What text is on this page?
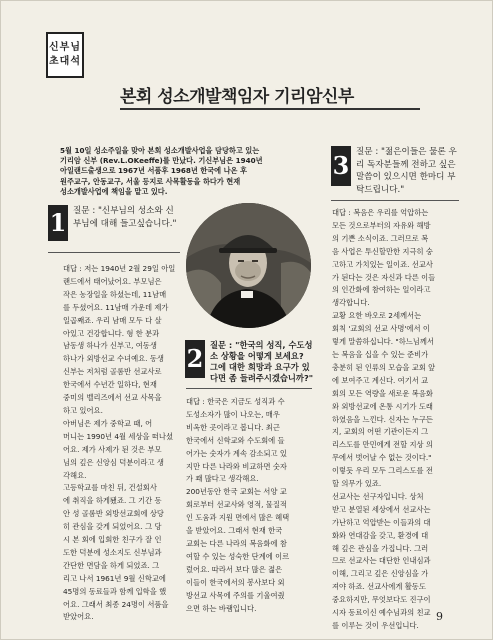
신부님
초대석
본회 성소개발책임자 기리암신부
5월 10일 성소주일을 맞아 본회 성소개발사업을 담당하고 있는
기리암 신부 (Rev.L.OKeeffe)를 만났다. 기신부님은 1940년
아일랜드출생으로 1967년 서품후 1968년 한국에 나온 후
원주교구, 안동교구, 서울 등지로 사목활동을 하다가 현재
성소개발사업에 책임을 맡고 있다.
1 질문 : "신부님의 성소와 신
부님에 대해 들고싶습니다."
3 질문 : "젊은이들은 물론 우
리 독자분들께 전하고 싶은
말씀이 있으시면 한마디 부
탁드립니다."
2 질문 : "한국의 성직, 수도성
소 상황을 어떻게 보세요?
그에 대한 희망과 요구가 있
다면 좀 들려주시겠습니까?"
대답 : 저는 1940년 2월 29일 아일
랜드에서 태어났어요. 부모님은
작은 농장일을 하셨는데, 11남매
를 두셨어요. 11남매 가운데 제가
일곱째죠. 우리 남매 모두 다 살
아있고 건강합니다. 형 한 분과
남동생 하나가 신부고, 여동생
하나가 외방선교 수녀예요. 동생
신부는 저처럼 골롬반 선교사로
한국에서 수년간 일하다, 현재
중미의 벨리즈에서 선교 사목을
하고 있어요.
아버님은 제가 중학교 때, 어
머니는 1990년 4월 세상을 떠나셨
어요. 제가 사제가 된 것은 부모
님의 깊은 신앙심 덕분이라고 생
각해요.
고등학교를 마친 뒤, 건설회사
에 취직을 하게됐죠. 그 기간 동
안 성 골롬반 외방선교회에 상당
히 관심을 갖게 되었어요. 그 당
시 본 회에 입회한 친구가 잘 인
도한 덕분에 성소지도 신부님과
간단한 면담을 하게 되었죠. 그
리고 나서 1961년 9월 신학교에
45명의 동료들과 함께 입학을 했
어요. 그래서 최종 24명이 서품을
받았어요.
대답 : 한국은 지금도 성직과 수
도성소자가 많이 나오는, 매우
비옥한 곳이라고 봅니다. 최근
한국에서 신학교와 수도회에 들
어가는 숫자가 계속 감소되고 있
지만 다른 나라와 비교하면 숫자
가 꽤 많다고 생각해요.
200년동안 한국 교회는 서양 교
회로부터 선교사와 영적, 물질적
인 도움과 지원 면에서 많은 혜택
을 받았어요. 그래서 현재 한국
교회는 다른 나라의 복음화에 참
여할 수 있는 성숙한 단계에 이르
렀어요. 따라서 보다 많은 젊은
이들이 한국에서의 봉사보다 외
방선교 사목에 주의를 기울여줬
으면 하는 바램입니다.
대답 : 복음은 우리를 억압하는
모든 것으로부터의 자유와 해방
의 기쁜 소식이죠. 그러므로 복
음 사업은 투신할만한 지극히 숭
고하고 가치있는 일이죠. 선교사
가 된다는 것은 자신과 다른 이들
의 인간화에 참여하는 일이라고
생각합니다.
교황 요한 바오로 2세께서는
회칙 '교회의 선교 사명'에서 이
렇게 말씀하십니다. "하느님께서
는 복음을 십을 수 있는 준비가
충분히 된 인류의 모습을 교회 앞
에 보여주고 계신다. 여기서 교
회의 모든 역량을 새로운 복음화
와 외방선교에 온통 시기가 도래
하였음을 느낀다. 신자는 누구든
지, 교회의 어떤 기관이든지 그
리스도를 만민에게 전할 지상 의
무에서 벗어날 수 없는 것이다."
이렇듯 우리 모두 그리스도를 전
할 의무가 있죠.
선교사는 선구자입니다. 상처
받고 분열된 세상에서 선교사는
가난하고 억압받는 이들과의 대
화와 연대감을 갖고, 환경에 대
해 깊은 관심을 가집니다. 그러
므로 선교사는 대단한 인내심과
이해, 그리고 깊은 신앙심을 가
져야 하죠. 선교사에게 활동도
중요하지만, 무엇보다도 진구이
시자 동료이신 예수님과의 친교
를 이루는 것이 우선입니다.
9
